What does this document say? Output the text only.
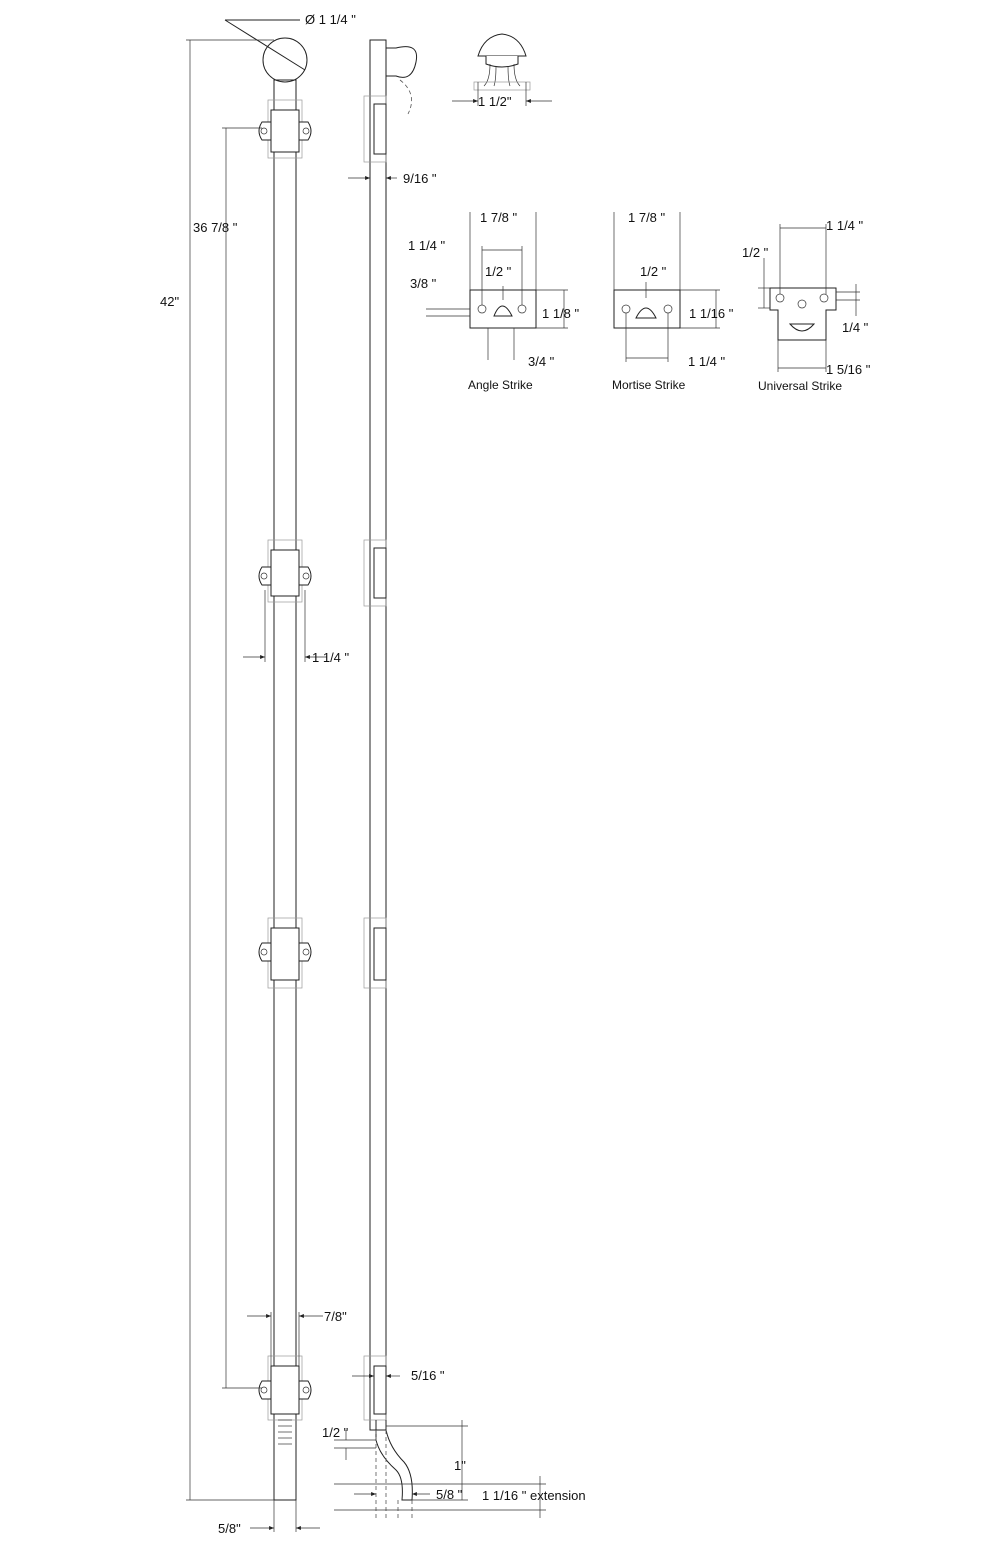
Ø 1 1/4 "
42"
36 7/8 "
1 1/4 "
7/8"
5/8"
9/16 "
5/16 "
1/2 "
1"
5/8 " 1 1/16 " extension
1 1/2"
1 7/8 "
1 1/4 "
1/2 "
3/8 "
1 1/8 "
3/4 "
Angle Strike
1 7/8 "
1/2 "
1 1/16 "
1 1/4 "
Mortise Strike
1 1/4 "
1/2 "
1/4 "
1 5/16 "
Universal Strike
